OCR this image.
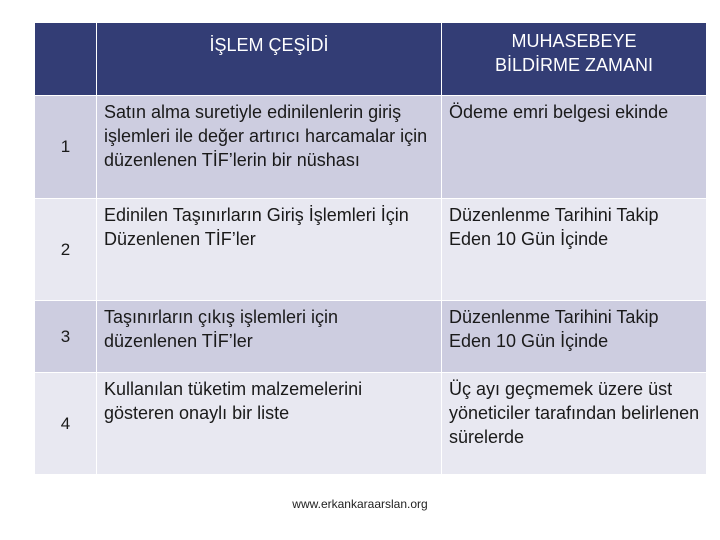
	İŞLEM ÇEŞİDİ	MUHASEBEYE
BİLDİRME ZAMANI

1	Satın alma suretiyle edinilenlerin giriş işlemleri ile değer artırıcı harcamalar için düzenlenen TİF’lerin bir nüshası	Ödeme emri belgesi ekinde
2	Edinilen Taşınırların Giriş İşlemleri İçin Düzenlenen TİF’ler	Düzenlenme Tarihini Takip Eden 10 Gün İçinde
3	Taşınırların çıkış işlemleri için düzenlenen TİF’ler	Düzenlenme Tarihini Takip Eden 10 Gün İçinde
4	Kullanılan tüketim malzemelerini gösteren onaylı bir liste	Üç ayı geçmemek üzere üst yöneticiler tarafından belirlenen sürelerde
www.erkankaraarslan.org
